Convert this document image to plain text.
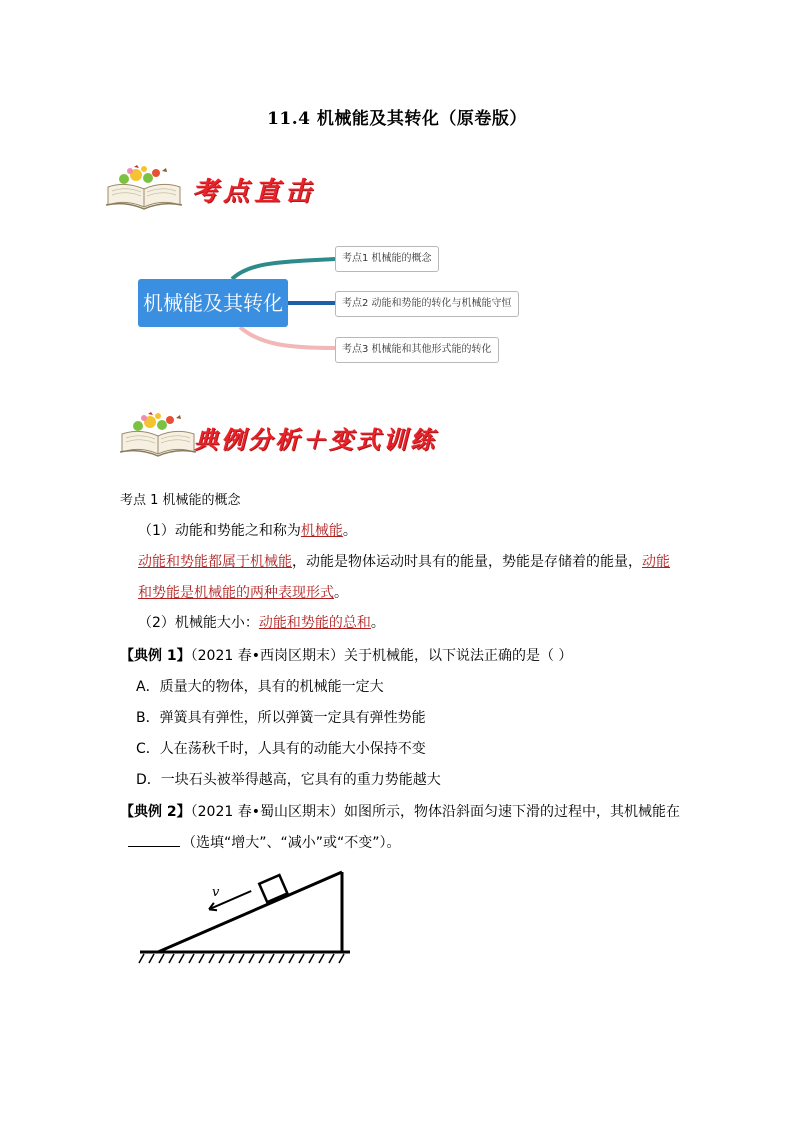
11.4 机械能及其转化（原卷版）
考点直击
机械能及其转化
考点1 机械能的概念
考点2 动能和势能的转化与机械能守恒
考点3 机械能和其他形式能的转化
典例分析＋变式训练
考点 1 机械能的概念
（1）动能和势能之和称为机械能。
动能和势能都属于机械能，动能是物体运动时具有的能量，势能是存储着的能量，动能
和势能是机械能的两种表现形式。
（2）机械能大小：动能和势能的总和。
【典例 1】（2021 春•西岗区期末）关于机械能，以下说法正确的是（ ）
A．质量大的物体，具有的机械能一定大
B．弹簧具有弹性，所以弹簧一定具有弹性势能
C．人在荡秋千时，人具有的动能大小保持不变
D．一块石头被举得越高，它具有的重力势能越大
【典例 2】（2021 春•蜀山区期末）如图所示，物体沿斜面匀速下滑的过程中，其机械能在
（选填“增大”、“减小”或“不变”）。
v
